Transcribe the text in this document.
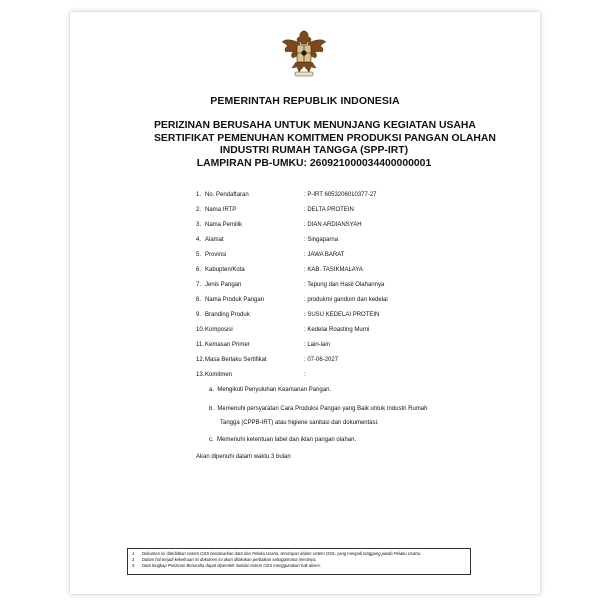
PEMERINTAH REPUBLIK INDONESIA
PERIZINAN BERUSAHA UNTUK MENUNJANG KEGIATAN USAHA
SERTIFIKAT PEMENUHAN KOMITMEN PRODUKSI PANGAN OLAHAN
INDUSTRI RUMAH TANGGA (SPP-IRT)
LAMPIRAN PB-UMKU: 260921000034400000001
1. No. Pendaftaran	: P-IRT 6053206010377-27
2. Nama IRTP	: DELTA PROTEIN
3. Nama Pemilik	: DIAN ARDIANSYAH
4. Alamat	: Singaparna
5. Provinsi	: JAWA BARAT
6. Kabupten/Kota	: KAB. TASIKMALAYA
7. Jenis Pangan	: Tepung dan Hasil Olahannya
8. Nama Produk Pangan	: produkmi gandum dan kedelai
9. Branding Produk	: SUSU KEDELAI PROTEIN
10. Komposisi	: Kedelai Roasting Murni
11. Kemasan Primer	: Lain-lain
12. Masa Berlaku Sertifikat	: 07-06-2027
13. Komitmen	:
a. Mengikuti Penyuluhan Keamanan Pangan.
b. Memenuhi persyaratan Cara Produksi Pangan yang Baik untuk Industri Rumah
Tangga (CPPB-IRT) atau higiene sanitasi dan dokumentasi.
c. Memenuhi ketentuan label dan iklan pangan olahan.
Akan dipenuhi dalam waktu 3 bulan
1 Dokumen ini diterbitkan sistem OSS berdasarkan data dari Pelaku Usaha, tersimpan dalam sistem OSS, yang menjadi tanggung jawab Pelaku Usaha.
2 Dalam hal terjadi kekeliruan isi dokumen ini akan dilakukan perbaikan sebagaimana mestinya.
3 Data lengkap Perizinan Berusaha dapat diperoleh melalui sistem OSS menggunakan hak akses.
